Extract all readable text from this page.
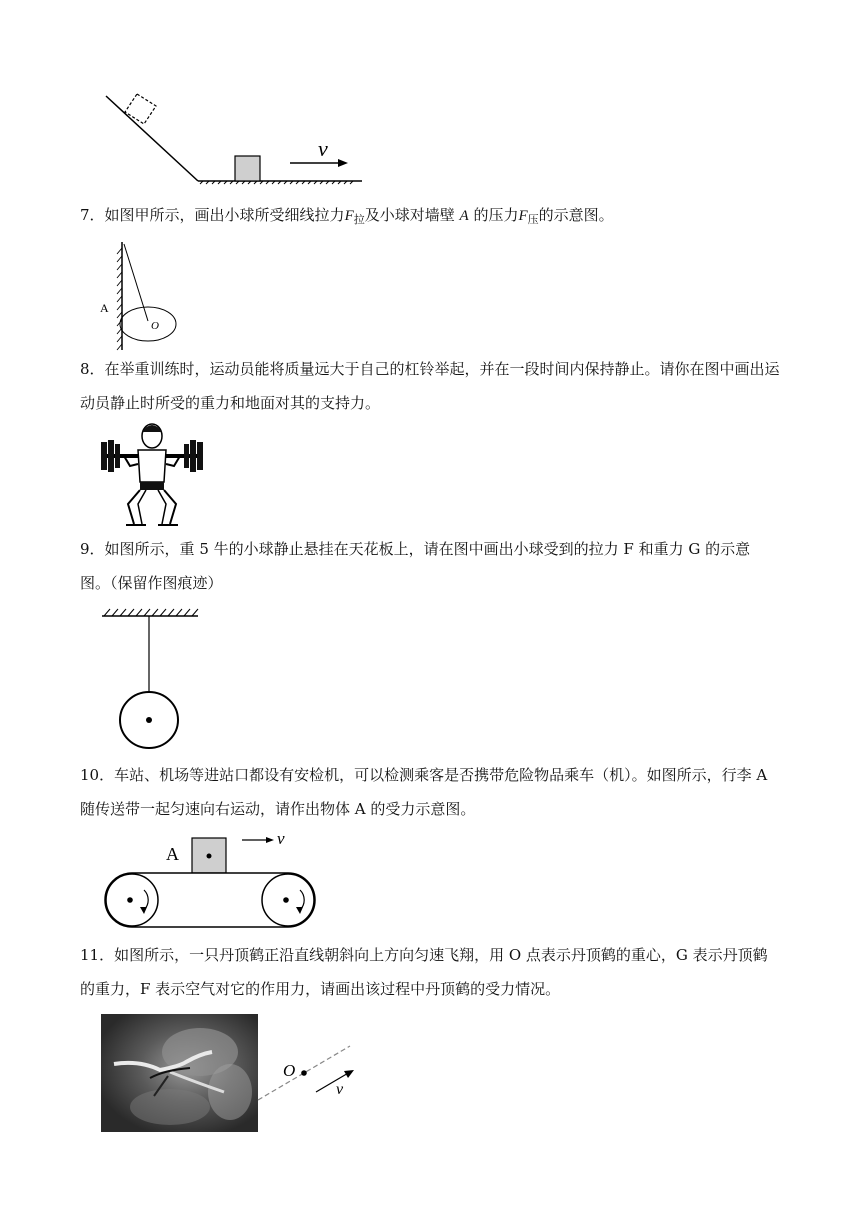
v
7．如图甲所示，画出小球所受细线拉力$F_拉$及小球对墙壁 A 的压力$F_压$的示意图。
A
O
8．在举重训练时，运动员能将质量远大于自己的杠铃举起，并在一段时间内保持静止。请你在图中画出运动员静止时所受的重力和地面对其的支持力。
9．如图所示，重 5 牛的小球静止悬挂在天花板上，请在图中画出小球受到的拉力 F 和重力 G 的示意图。（保留作图痕迹）
10．车站、机场等进站口都设有安检机，可以检测乘客是否携带危险物品乘车（机）。如图所示，行李 A 随传送带一起匀速向右运动，请作出物体 A 的受力示意图。
A
v
11．如图所示，一只丹顶鹤正沿直线朝斜向上方向匀速飞翔，用 O 点表示丹顶鹤的重心，G 表示丹顶鹤的重力，F 表示空气对它的作用力，请画出该过程中丹顶鹤的受力情况。
O
v
